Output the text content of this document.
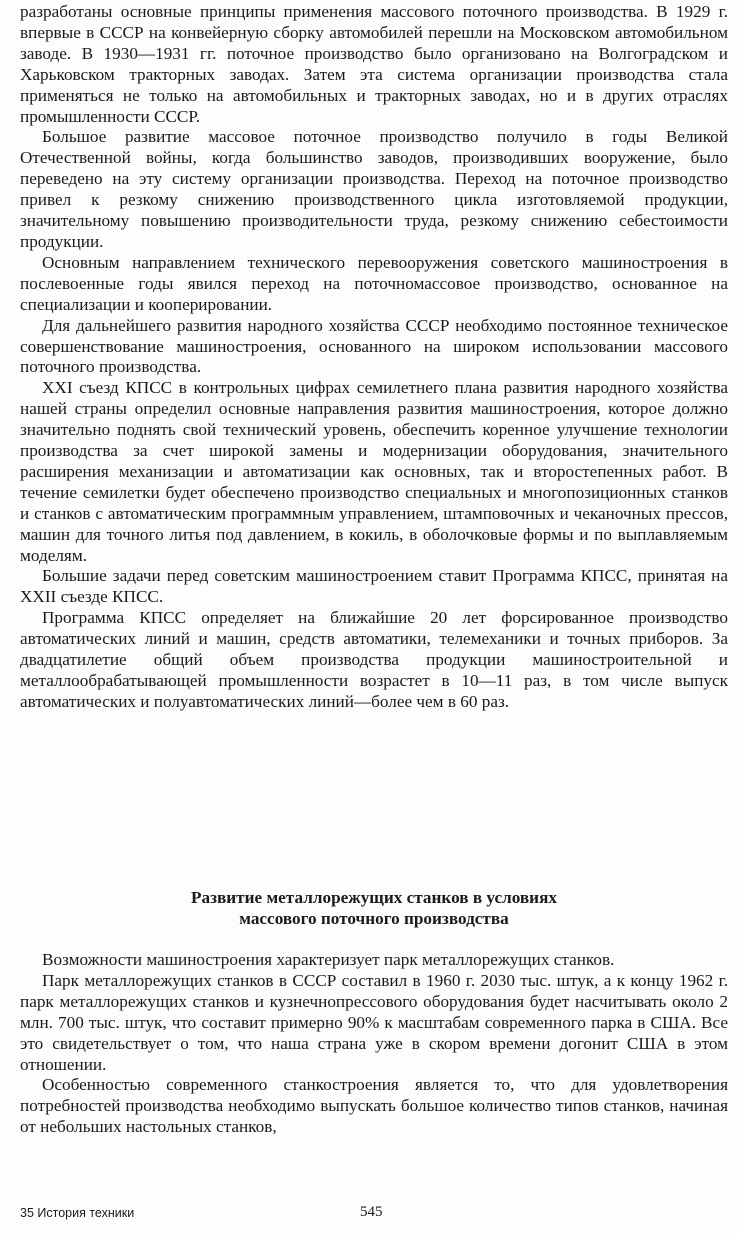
разработаны основные принципы применения массового поточного производства. В 1929 г. впервые в СССР на конвейерную сборку автомобилей перешли на Московском автомобильном заводе. В 1930—1931 гг. поточное производство было организовано на Волгоградском и Харьковском тракторных заводах. Затем эта система организации производства стала применяться не только на автомобильных и тракторных заводах, но и в других отраслях промышленности СССР.

Большое развитие массовое поточное производство получило в годы Великой Отечественной войны, когда большинство заводов, производивших вооружение, было переведено на эту систему организации производства. Переход на поточное производство привел к резкому снижению производственного цикла изготовляемой продукции, значительному повышению производительности труда, резкому снижению себестоимости продукции.

Основным направлением технического перевооружения советского машиностроения в послевоенные годы явился переход на поточномассовое производство, основанное на специализации и кооперировании.

Для дальнейшего развития народного хозяйства СССР необходимо постоянное техническое совершенствование машиностроения, основанного на широком использовании массового поточного производства.

XXI съезд КПСС в контрольных цифрах семилетнего плана развития народного хозяйства нашей страны определил основные направления развития машиностроения, которое должно значительно поднять свой технический уровень, обеспечить коренное улучшение технологии производства за счет широкой замены и модернизации оборудования, значительного расширения механизации и автоматизации как основных, так и второстепенных работ. В течение семилетки будет обеспечено производство специальных и многопозиционных станков и станков с автоматическим программным управлением, штамповочных и чеканочных прессов, машин для точного литья под давлением, в кокиль, в оболочковые формы и по выплавляемым моделям.

Большие задачи перед советским машиностроением ставит Программа КПСС, принятая на XXII съезде КПСС.

Программа КПСС определяет на ближайшие 20 лет форсированное производство автоматических линий и машин, средств автоматики, телемеханики и точных приборов. За двадцатилетие общий объем производства продукции машиностроительной и металлообрабатывающей промышленности возрастет в 10—11 раз, в том числе выпуск автоматических и полуавтоматических линий—более чем в 60 раз.

Развитие металлорежущих станков в условиях
массового поточного производства

Возможности машиностроения характеризует парк металлорежущих станков.

Парк металлорежущих станков в СССР составил в 1960 г. 2030 тыс. штук, а к концу 1962 г. парк металлорежущих станков и кузнечнопрессового оборудования будет насчитывать около 2 млн. 700 тыс. штук, что составит примерно 90% к масштабам современного парка в США. Все это свидетельствует о том, что наша страна уже в скором времени догонит США в этом отношении.

Особенностью современного станкостроения является то, что для удовлетворения потребностей производства необходимо выпускать большое количество типов станков, начиная от небольших настольных станков,

35 История техники	545
